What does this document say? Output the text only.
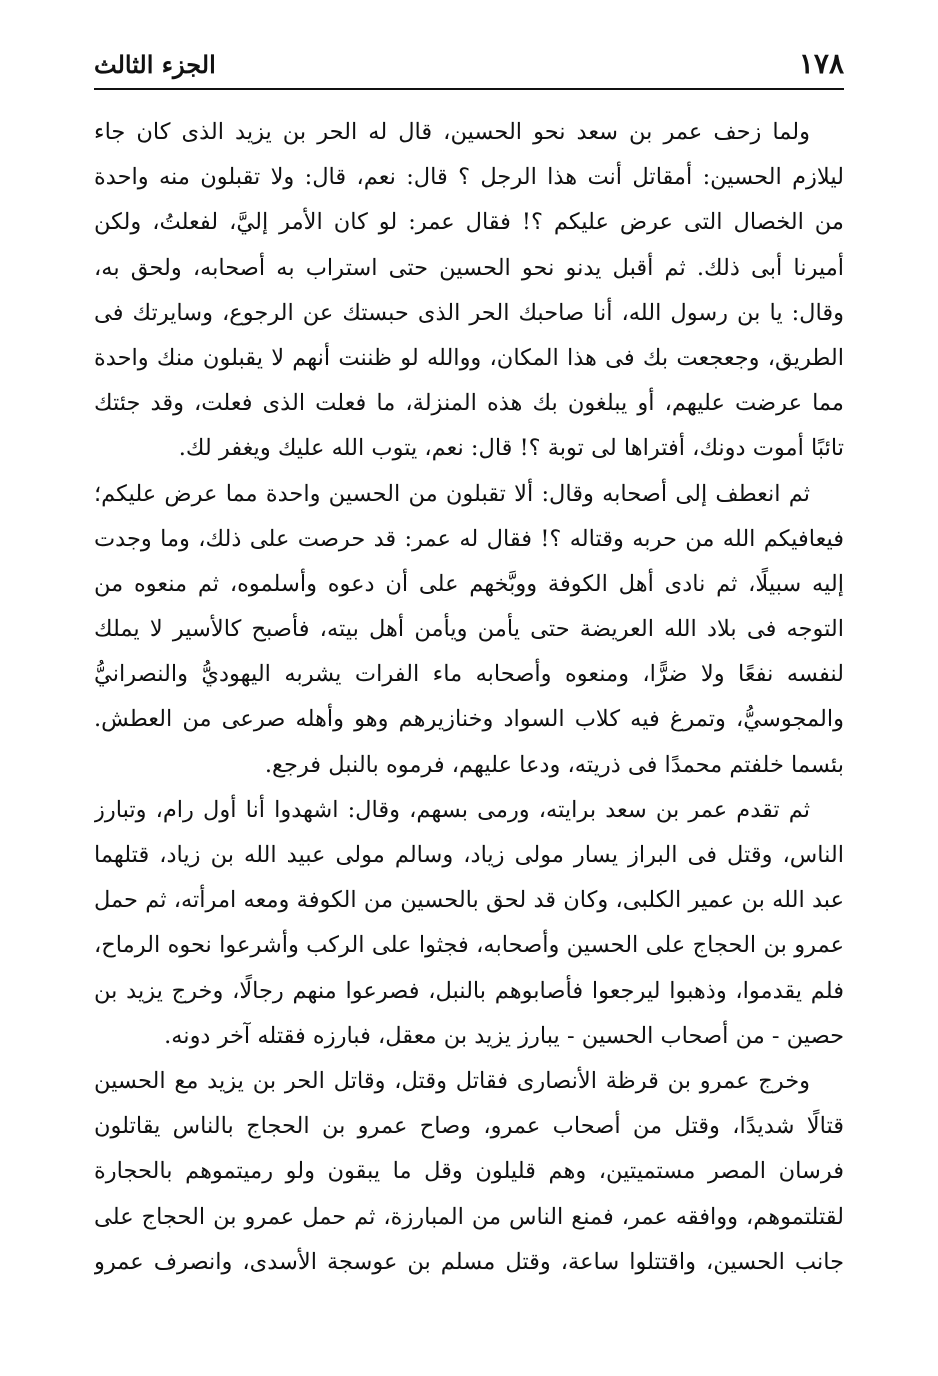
١٧٨
الجزء الثالث
ولما زحف عمر بن سعد نحو الحسين، قال له الحر بن يزيد الذى كان جاء
ليلازم الحسين: أمقاتل أنت هذا الرجل ؟ قال: نعم، قال: ولا تقبلون منه واحدة
من الخصال التى عرض عليكم ؟! فقال عمر: لو كان الأمر إليَّ، لفعلتُ، ولكن
أميرنا أبى ذلك. ثم أقبل يدنو نحو الحسين حتى استراب به أصحابه، ولحق به،
وقال: يا بن رسول الله، أنا صاحبك الحر الذى حبستك عن الرجوع، وسايرتك فى
الطريق، وجعجعت بك فى هذا المكان، ووالله لو ظننت أنهم لا يقبلون منك واحدة
مما عرضت عليهم، أو يبلغون بك هذه المنزلة، ما فعلت الذى فعلت، وقد جئتك
تائبًا أموت دونك، أفتراها لى توبة ؟! قال: نعم، يتوب الله عليك ويغفر لك.
ثم انعطف إلى أصحابه وقال: ألا تقبلون من الحسين واحدة مما عرض عليكم؛
فيعافيكم الله من حربه وقتاله ؟! فقال له عمر: قد حرصت على ذلك، وما وجدت
إليه سبيلًا، ثم نادى أهل الكوفة ووبَّخهم على أن دعوه وأسلموه، ثم منعوه من
التوجه فى بلاد الله العريضة حتى يأمن ويأمن أهل بيته، فأصبح كالأسير لا يملك
لنفسه نفعًا ولا ضرًّا، ومنعوه وأصحابه ماء الفرات يشربه اليهوديُّ والنصرانيُّ
والمجوسيُّ، وتمرغ فيه كلاب السواد وخنازيرهم وهو وأهله صرعى من العطش.
بئسما خلفتم محمدًا فى ذريته، ودعا عليهم، فرموه بالنبل فرجع.
ثم تقدم عمر بن سعد برايته، ورمى بسهم، وقال: اشهدوا أنا أول رام، وتبارز
الناس، وقتل فى البراز يسار مولى زياد، وسالم مولى عبيد الله بن زياد، قتلهما
عبد الله بن عمير الكلبى، وكان قد لحق بالحسين من الكوفة ومعه امرأته، ثم حمل
عمرو بن الحجاج على الحسين وأصحابه، فجثوا على الركب وأشرعوا نحوه الرماح،
فلم يقدموا، وذهبوا ليرجعوا فأصابوهم بالنبل، فصرعوا منهم رجالًا، وخرج يزيد بن
حصين - من أصحاب الحسين - يبارز يزيد بن معقل، فبارزه فقتله آخر دونه.
وخرج عمرو بن قرظة الأنصارى فقاتل وقتل، وقاتل الحر بن يزيد مع الحسين
قتالًا شديدًا، وقتل من أصحاب عمرو، وصاح عمرو بن الحجاج بالناس يقاتلون
فرسان المصر مستميتين، وهم قليلون وقل ما يبقون ولو رميتموهم بالحجارة
لقتلتموهم، ووافقه عمر، فمنع الناس من المبارزة، ثم حمل عمرو بن الحجاج على
جانب الحسين، واقتتلوا ساعة، وقتل مسلم بن عوسجة الأسدى، وانصرف عمرو
